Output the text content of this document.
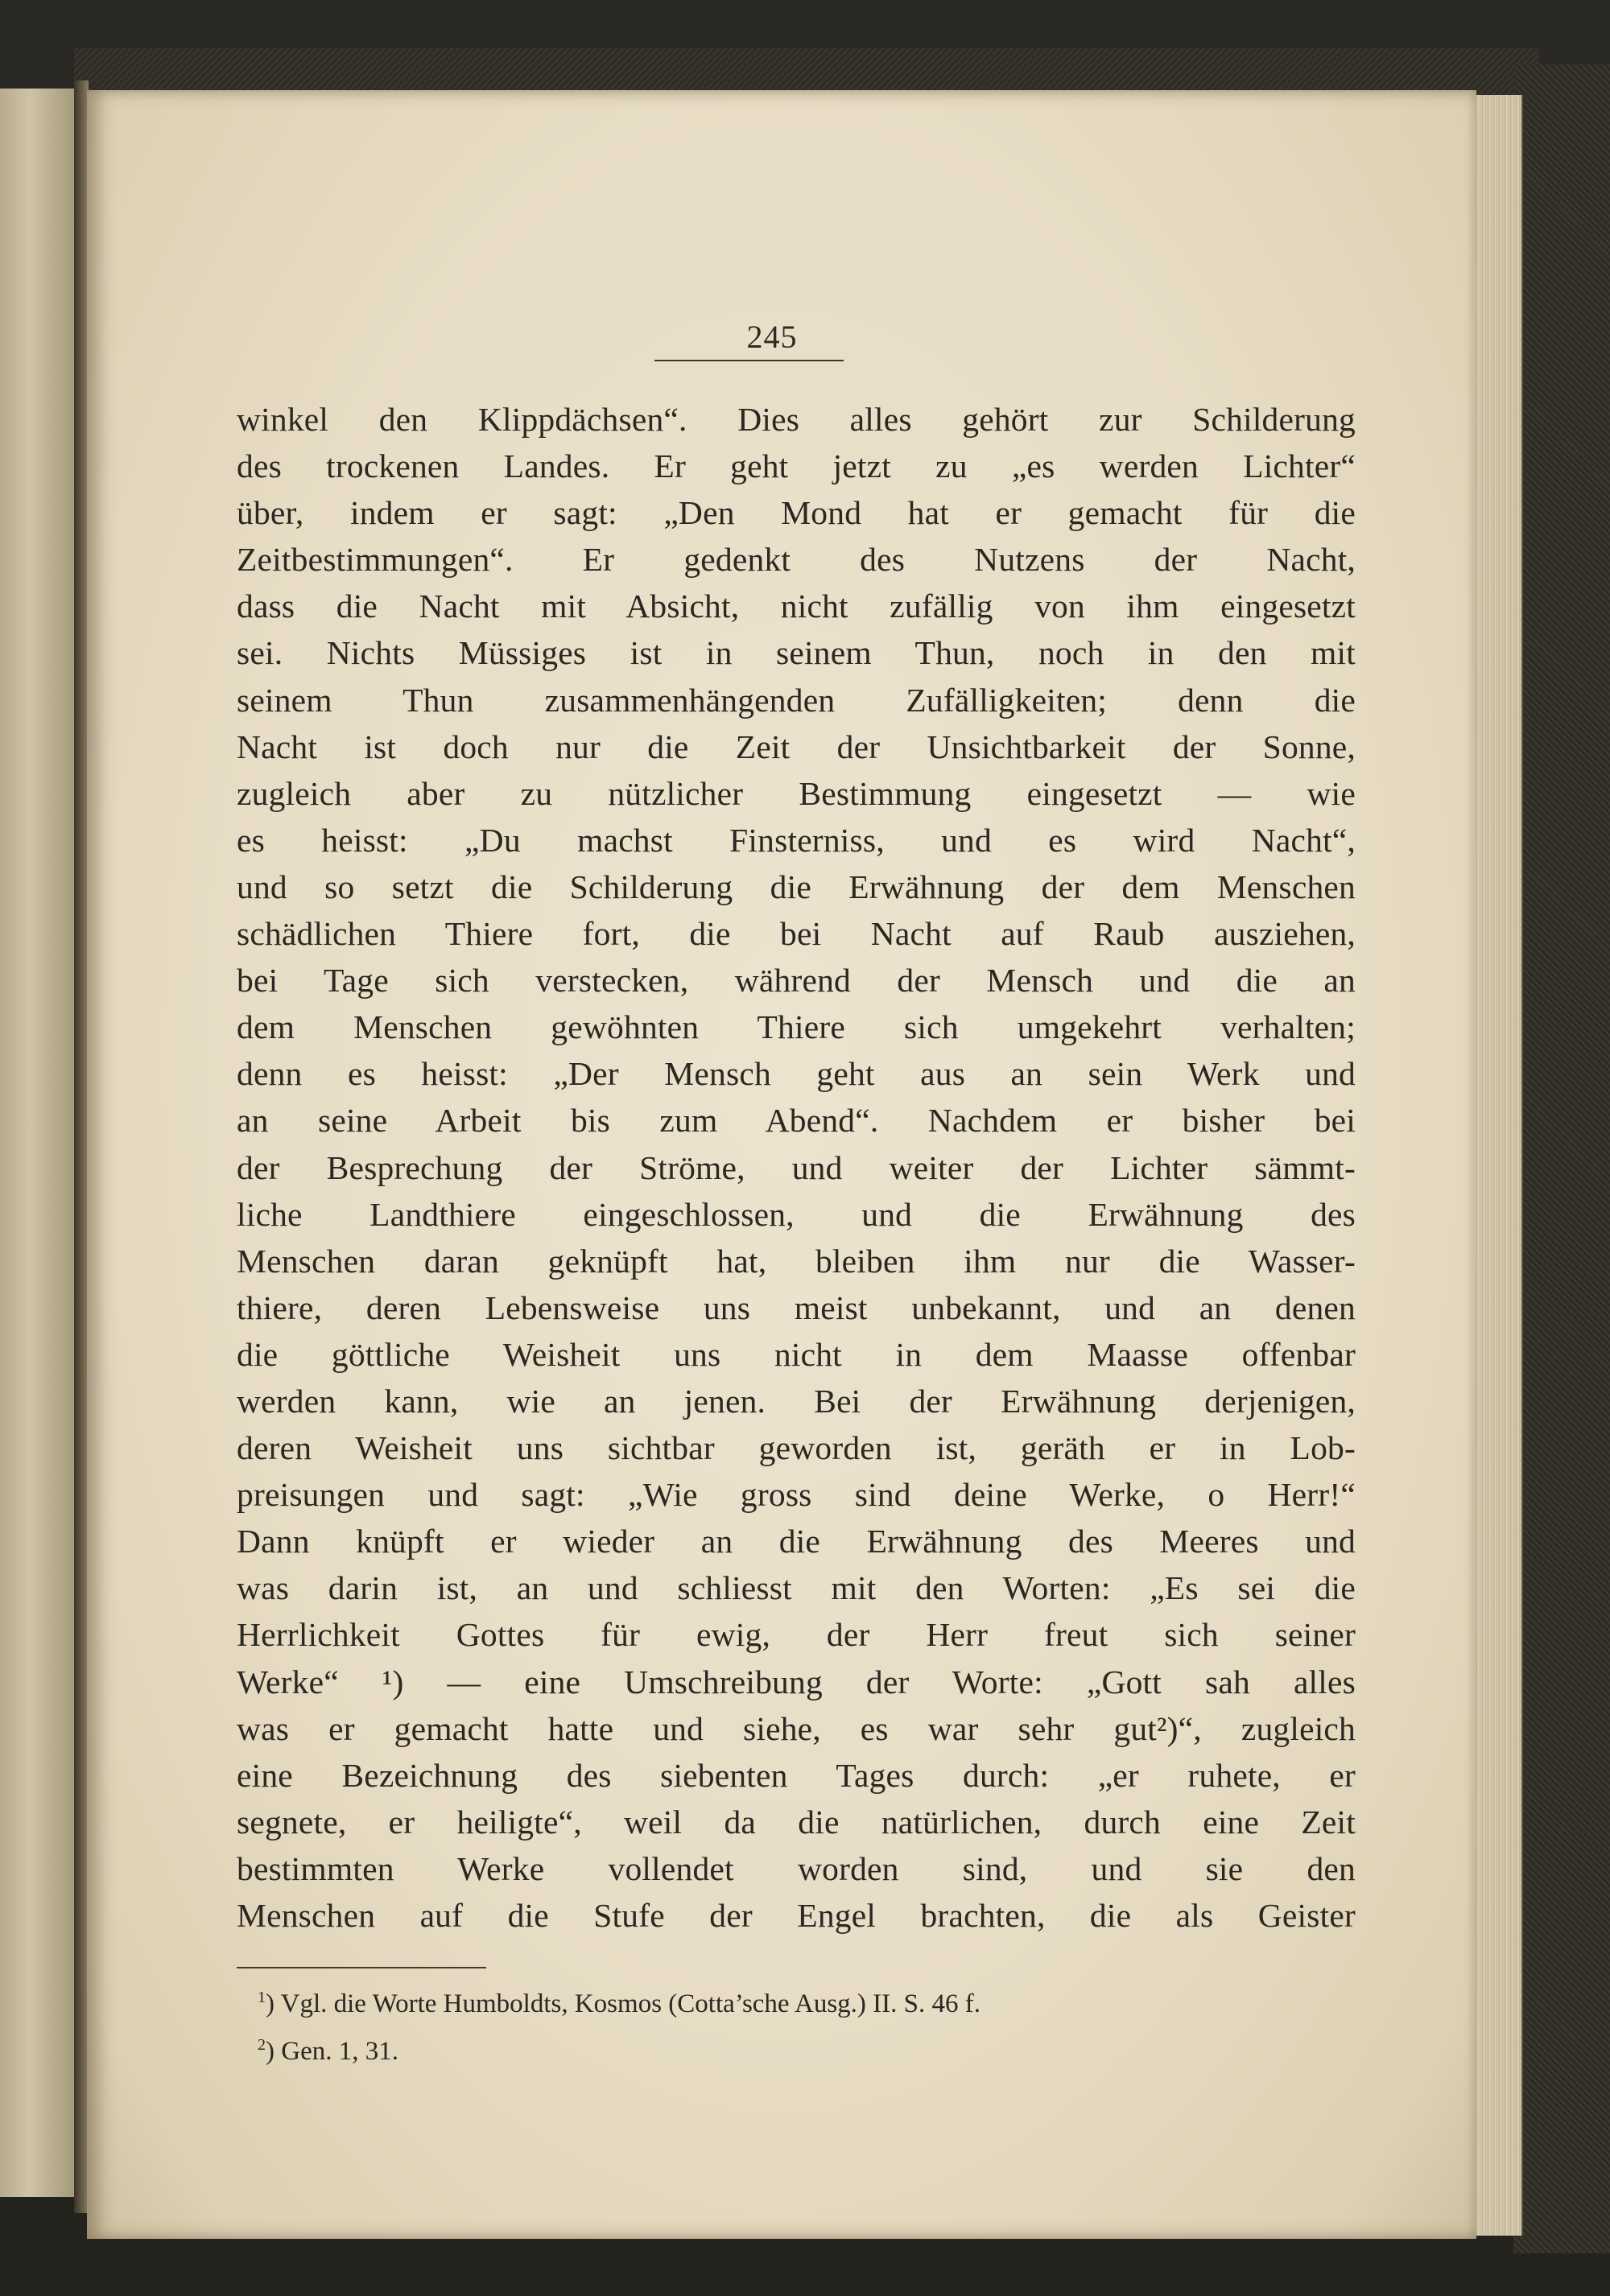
245
winkel den Klippdächsen“. Dies alles gehört zur Schilderung
des trockenen Landes. Er geht jetzt zu „es werden Lichter“
über, indem er sagt: „Den Mond hat er gemacht für die
Zeitbestimmungen“. Er gedenkt des Nutzens der Nacht,
dass die Nacht mit Absicht, nicht zufällig von ihm eingesetzt
sei. Nichts Müssiges ist in seinem Thun, noch in den mit
seinem Thun zusammenhängenden Zufälligkeiten; denn die
Nacht ist doch nur die Zeit der Unsichtbarkeit der Sonne,
zugleich aber zu nützlicher Bestimmung eingesetzt — wie
es heisst: „Du machst Finsterniss, und es wird Nacht“,
und so setzt die Schilderung die Erwähnung der dem Menschen
schädlichen Thiere fort, die bei Nacht auf Raub ausziehen,
bei Tage sich verstecken, während der Mensch und die an
dem Menschen gewöhnten Thiere sich umgekehrt verhalten;
denn es heisst: „Der Mensch geht aus an sein Werk und
an seine Arbeit bis zum Abend“. Nachdem er bisher bei
der Besprechung der Ströme, und weiter der Lichter sämmt-
liche Landthiere eingeschlossen, und die Erwähnung des
Menschen daran geknüpft hat, bleiben ihm nur die Wasser-
thiere, deren Lebensweise uns meist unbekannt, und an denen
die göttliche Weisheit uns nicht in dem Maasse offenbar
werden kann, wie an jenen. Bei der Erwähnung derjenigen,
deren Weisheit uns sichtbar geworden ist, geräth er in Lob-
preisungen und sagt: „Wie gross sind deine Werke, o Herr!“
Dann knüpft er wieder an die Erwähnung des Meeres und
was darin ist, an und schliesst mit den Worten: „Es sei die
Herrlichkeit Gottes für ewig, der Herr freut sich seiner
Werke“ ¹) — eine Umschreibung der Worte: „Gott sah alles
was er gemacht hatte und siehe, es war sehr gut²)“, zugleich
eine Bezeichnung des siebenten Tages durch: „er ruhete, er
segnete, er heiligte“, weil da die natürlichen, durch eine Zeit
bestimmten Werke vollendet worden sind, und sie den
Menschen auf die Stufe der Engel brachten, die als Geister
$^1$) Vgl. die Worte Humboldts, Kosmos (Cotta’sche Ausg.) II. S. 46 f.
$^2$) Gen. 1, 31.
